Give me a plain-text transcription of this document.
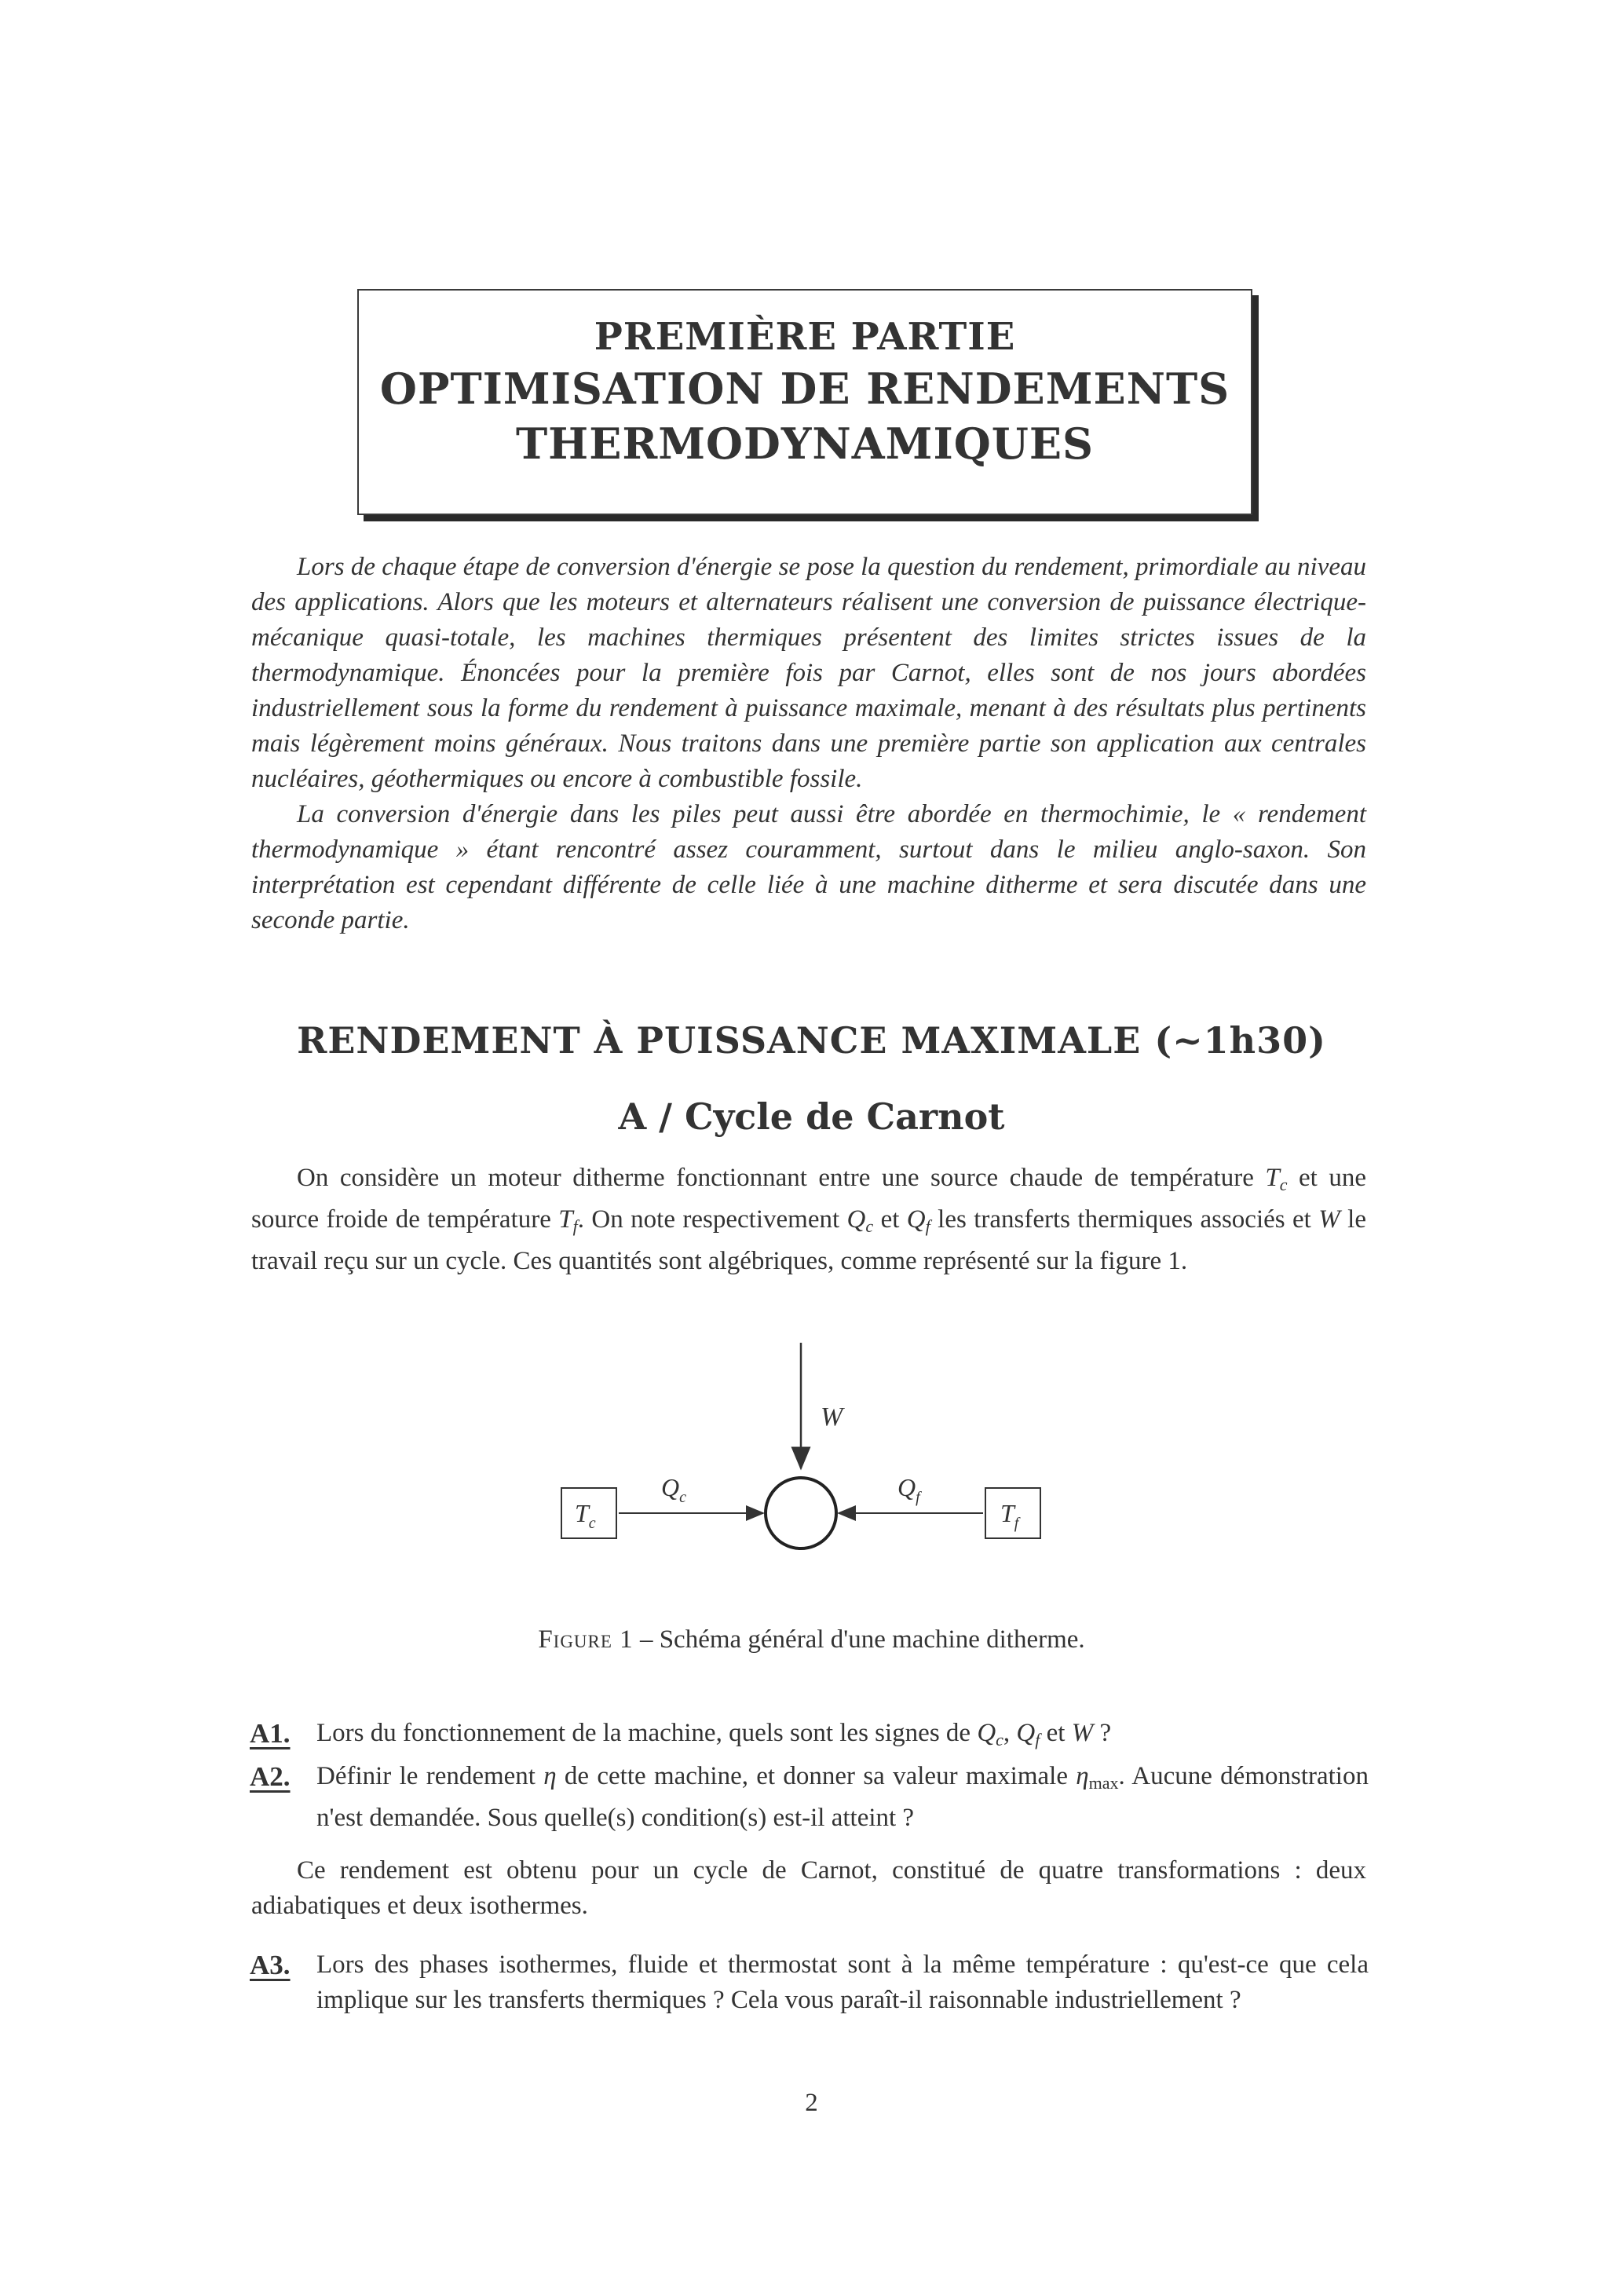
PREMIÈRE PARTIE
OPTIMISATION DE RENDEMENTS
THERMODYNAMIQUES

Lors de chaque étape de conversion d'énergie se pose la question du rendement, primordiale au niveau des applications. Alors que les moteurs et alternateurs réalisent une conversion de puissance électrique-mécanique quasi-totale, les machines thermiques présentent des limites strictes issues de la thermodynamique. Énoncées pour la première fois par Carnot, elles sont de nos jours abordées industriellement sous la forme du rendement à puissance maximale, menant à des résultats plus pertinents mais légèrement moins généraux. Nous traitons dans une première partie son application aux centrales nucléaires, géothermiques ou encore à combustible fossile.

La conversion d'énergie dans les piles peut aussi être abordée en thermochimie, le « rendement thermodynamique » étant rencontré assez couramment, surtout dans le milieu anglo-saxon. Son interprétation est cependant différente de celle liée à une machine ditherme et sera discutée dans une seconde partie.

RENDEMENT À PUISSANCE MAXIMALE (~1h30)
A / Cycle de Carnot
On considère un moteur ditherme fonctionnant entre une source chaude de température $T_c$ et une source froide de température $T_f$. On note respectivement $Q_c$ et $Q_f$ les transferts thermiques associés et W le travail reçu sur un cycle. Ces quantités sont algébriques, comme représenté sur la figure 1.
W
$T_c$	$T_f$
$Q_c$	$Q_f$
Figure 1 – Schéma général d'une machine ditherme.
A1. Lors du fonctionnement de la machine, quels sont les signes de $Q_c$, $Q_f$ et W ?
A2. Définir le rendement η de cette machine, et donner sa valeur maximale $\eta_{max}$. Aucune démonstration n'est demandée. Sous quelle(s) condition(s) est-il atteint ?
Ce rendement est obtenu pour un cycle de Carnot, constitué de quatre transformations : deux adiabatiques et deux isothermes.
A3. Lors des phases isothermes, fluide et thermostat sont à la même température : qu'est-ce que cela implique sur les transferts thermiques ? Cela vous paraît-il raisonnable industriellement ?
2
